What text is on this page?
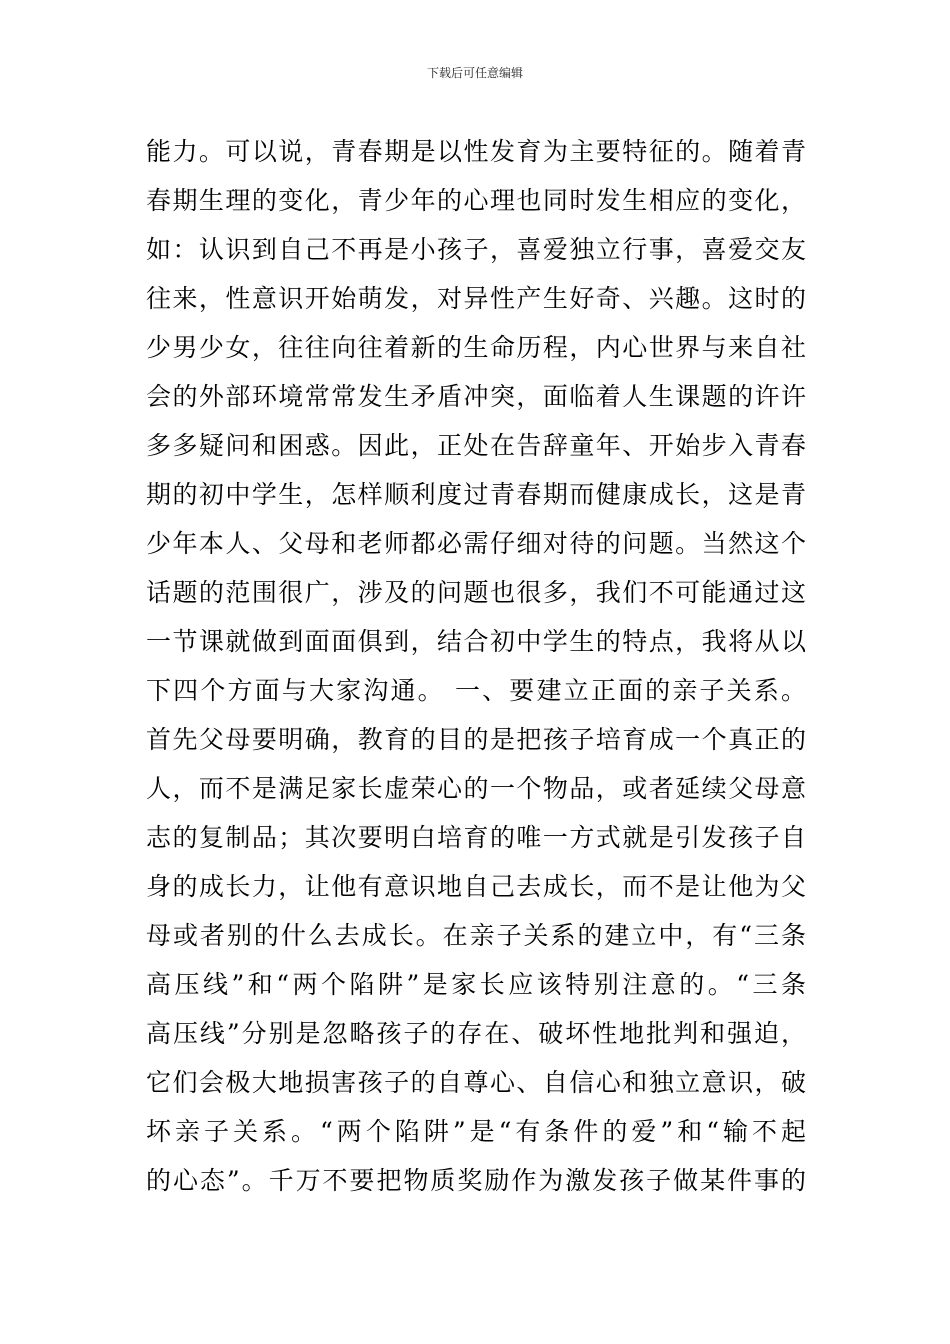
下载后可任意编辑
能力。可以说，青春期是以性发育为主要特征的。随着青
春期生理的变化，青少年的心理也同时发生相应的变化，
如：认识到自己不再是小孩子，喜爱独立行事，喜爱交友
往来，性意识开始萌发，对异性产生好奇、兴趣。这时的
少男少女，往往向往着新的生命历程，内心世界与来自社
会的外部环境常常发生矛盾冲突，面临着人生课题的许许
多多疑问和困惑。因此，正处在告辞童年、开始步入青春
期的初中学生，怎样顺利度过青春期而健康成长，这是青
少年本人、父母和老师都必需仔细对待的问题。当然这个
话题的范围很广，涉及的问题也很多，我们不可能通过这
一节课就做到面面俱到，结合初中学生的特点，我将从以
下四个方面与大家沟通。 一、要建立正面的亲子关系。
首先父母要明确，教育的目的是把孩子培育成一个真正的
人，而不是满足家长虚荣心的一个物品，或者延续父母意
志的复制品；其次要明白培育的唯一方式就是引发孩子自
身的成长力，让他有意识地自己去成长，而不是让他为父
母或者别的什么去成长。在亲子关系的建立中，有“三条
高压线”和“两个陷阱”是家长应该特别注意的。“三条
高压线”分别是忽略孩子的存在、破坏性地批判和强迫，
它们会极大地损害孩子的自尊心、自信心和独立意识，破
坏亲子关系。“两个陷阱”是“有条件的爱”和“输不起
的心态”。千万不要把物质奖励作为激发孩子做某件事的
